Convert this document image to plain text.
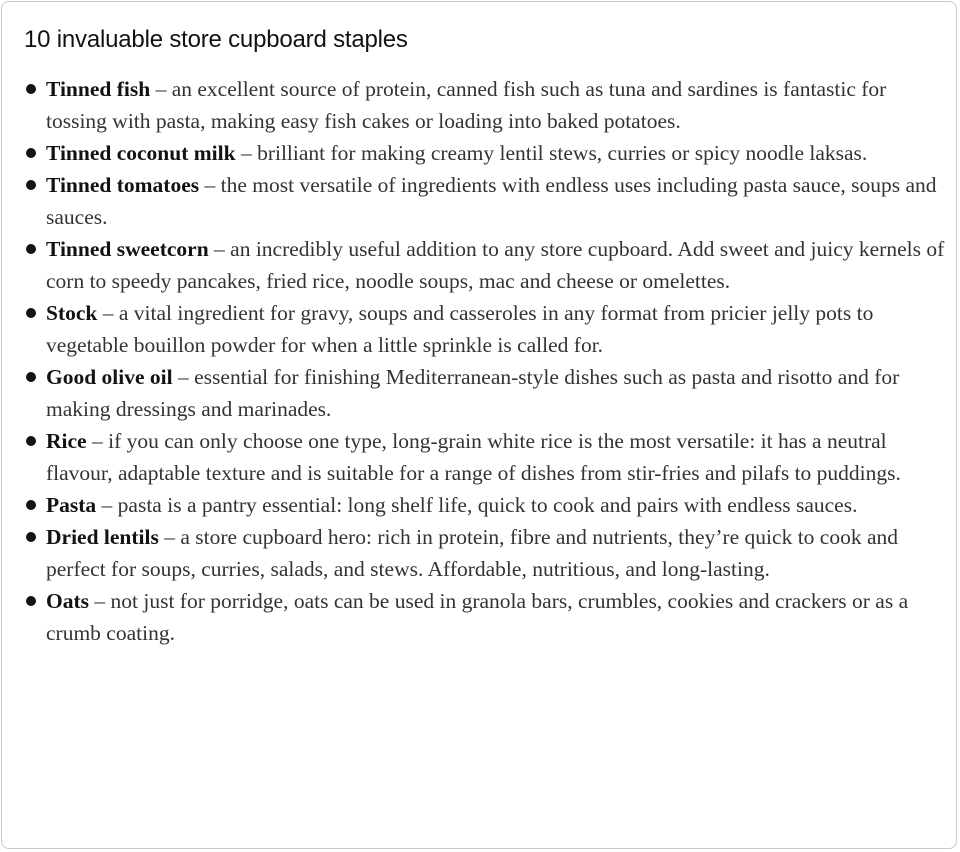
10 invaluable store cupboard staples
Tinned fish – an excellent source of protein, canned fish such as tuna and sardines is fantastic for tossing with pasta, making easy fish cakes or loading into baked potatoes.
Tinned coconut milk – brilliant for making creamy lentil stews, curries or spicy noodle laksas.
Tinned tomatoes – the most versatile of ingredients with endless uses including pasta sauce, soups and sauces.
Tinned sweetcorn – an incredibly useful addition to any store cupboard. Add sweet and juicy kernels of corn to speedy pancakes, fried rice, noodle soups, mac and cheese or omelettes.
Stock – a vital ingredient for gravy, soups and casseroles in any format from pricier jelly pots to vegetable bouillon powder for when a little sprinkle is called for.
Good olive oil – essential for finishing Mediterranean-style dishes such as pasta and risotto and for making dressings and marinades.
Rice – if you can only choose one type, long-grain white rice is the most versatile: it has a neutral flavour, adaptable texture and is suitable for a range of dishes from stir-fries and pilafs to puddings.
Pasta – pasta is a pantry essential: long shelf life, quick to cook and pairs with endless sauces.
Dried lentils – a store cupboard hero: rich in protein, fibre and nutrients, they’re quick to cook and perfect for soups, curries, salads, and stews. Affordable, nutritious, and long-lasting.
Oats – not just for porridge, oats can be used in granola bars, crumbles, cookies and crackers or as a crumb coating.
